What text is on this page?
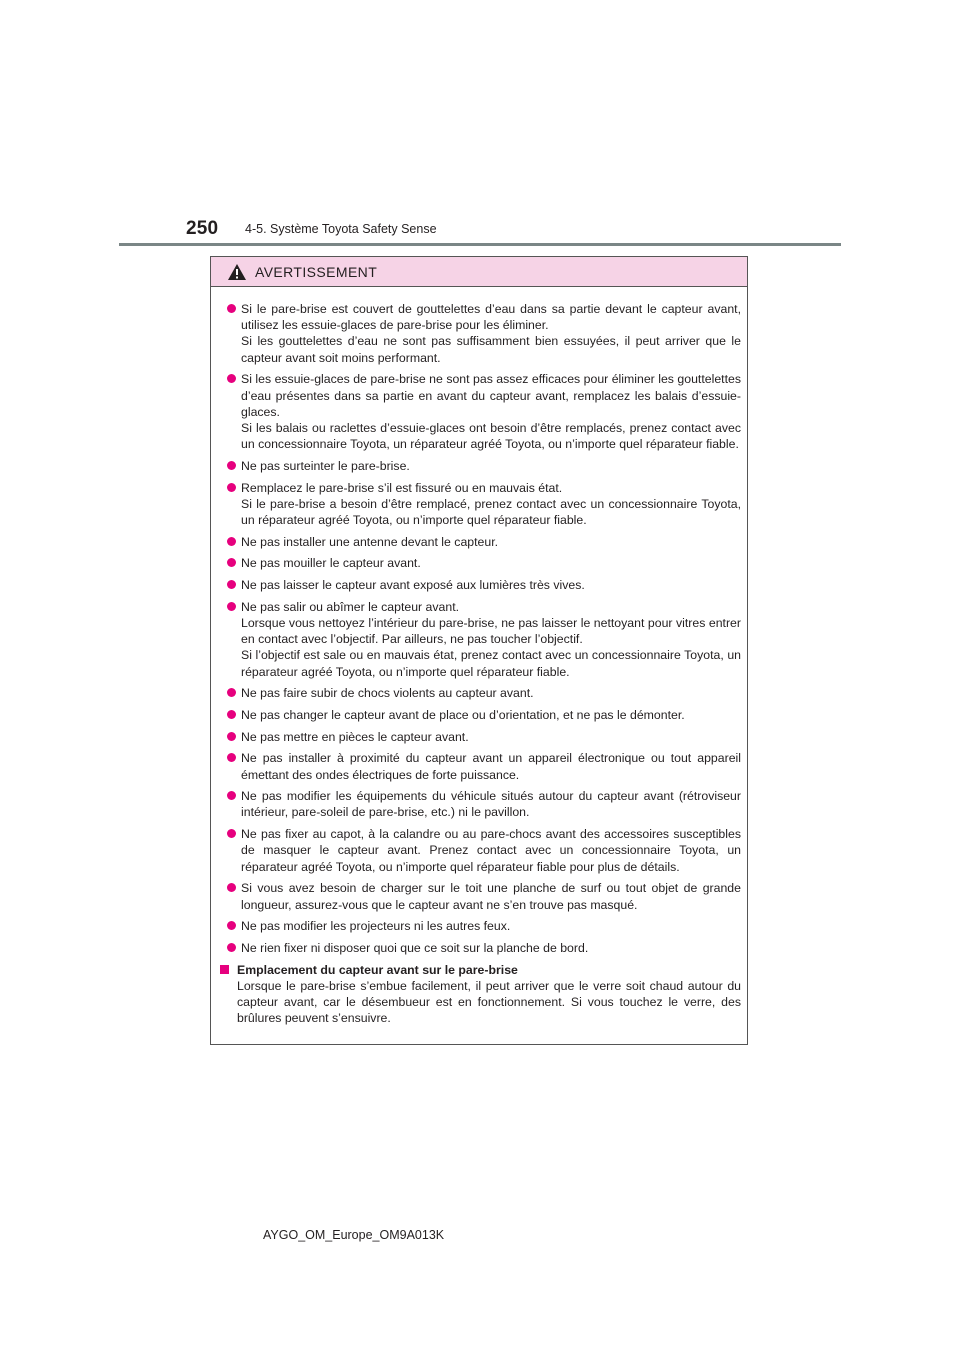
250 4-5. Système Toyota Safety Sense
AVERTISSEMENT
Si le pare-brise est couvert de gouttelettes d’eau dans sa partie devant le capteur avant, utilisez les essuie-glaces de pare-brise pour les éliminer.
Si les gouttelettes d’eau ne sont pas suffisamment bien essuyées, il peut arriver que le capteur avant soit moins performant.
Si les essuie-glaces de pare-brise ne sont pas assez efficaces pour éliminer les gouttelettes d’eau présentes dans sa partie en avant du capteur avant, remplacez les balais d’essuie-glaces.
Si les balais ou raclettes d’essuie-glaces ont besoin d’être remplacés, prenez contact avec un concessionnaire Toyota, un réparateur agréé Toyota, ou n’importe quel réparateur fiable.
Ne pas surteinter le pare-brise.
Remplacez le pare-brise s’il est fissuré ou en mauvais état.
Si le pare-brise a besoin d’être remplacé, prenez contact avec un concessionnaire Toyota, un réparateur agréé Toyota, ou n’importe quel réparateur fiable.
Ne pas installer une antenne devant le capteur.
Ne pas mouiller le capteur avant.
Ne pas laisser le capteur avant exposé aux lumières très vives.
Ne pas salir ou abîmer le capteur avant.
Lorsque vous nettoyez l’intérieur du pare-brise, ne pas laisser le nettoyant pour vitres entrer en contact avec l’objectif. Par ailleurs, ne pas toucher l’objectif.
Si l’objectif est sale ou en mauvais état, prenez contact avec un concessionnaire Toyota, un réparateur agréé Toyota, ou n’importe quel réparateur fiable.
Ne pas faire subir de chocs violents au capteur avant.
Ne pas changer le capteur avant de place ou d’orientation, et ne pas le démonter.
Ne pas mettre en pièces le capteur avant.
Ne pas installer à proximité du capteur avant un appareil électronique ou tout appareil émettant des ondes électriques de forte puissance.
Ne pas modifier les équipements du véhicule situés autour du capteur avant (rétroviseur intérieur, pare-soleil de pare-brise, etc.) ni le pavillon.
Ne pas fixer au capot, à la calandre ou au pare-chocs avant des accessoires susceptibles de masquer le capteur avant. Prenez contact avec un concessionnaire Toyota, un réparateur agréé Toyota, ou n’importe quel réparateur fiable pour plus de détails.
Si vous avez besoin de charger sur le toit une planche de surf ou tout objet de grande longueur, assurez-vous que le capteur avant ne s’en trouve pas masqué.
Ne pas modifier les projecteurs ni les autres feux.
Ne rien fixer ni disposer quoi que ce soit sur la planche de bord.
Emplacement du capteur avant sur le pare-brise
Lorsque le pare-brise s’embue facilement, il peut arriver que le verre soit chaud autour du capteur avant, car le désembueur est en fonctionnement. Si vous touchez le verre, des brûlures peuvent s’ensuivre.
AYGO_OM_Europe_OM9A013K
